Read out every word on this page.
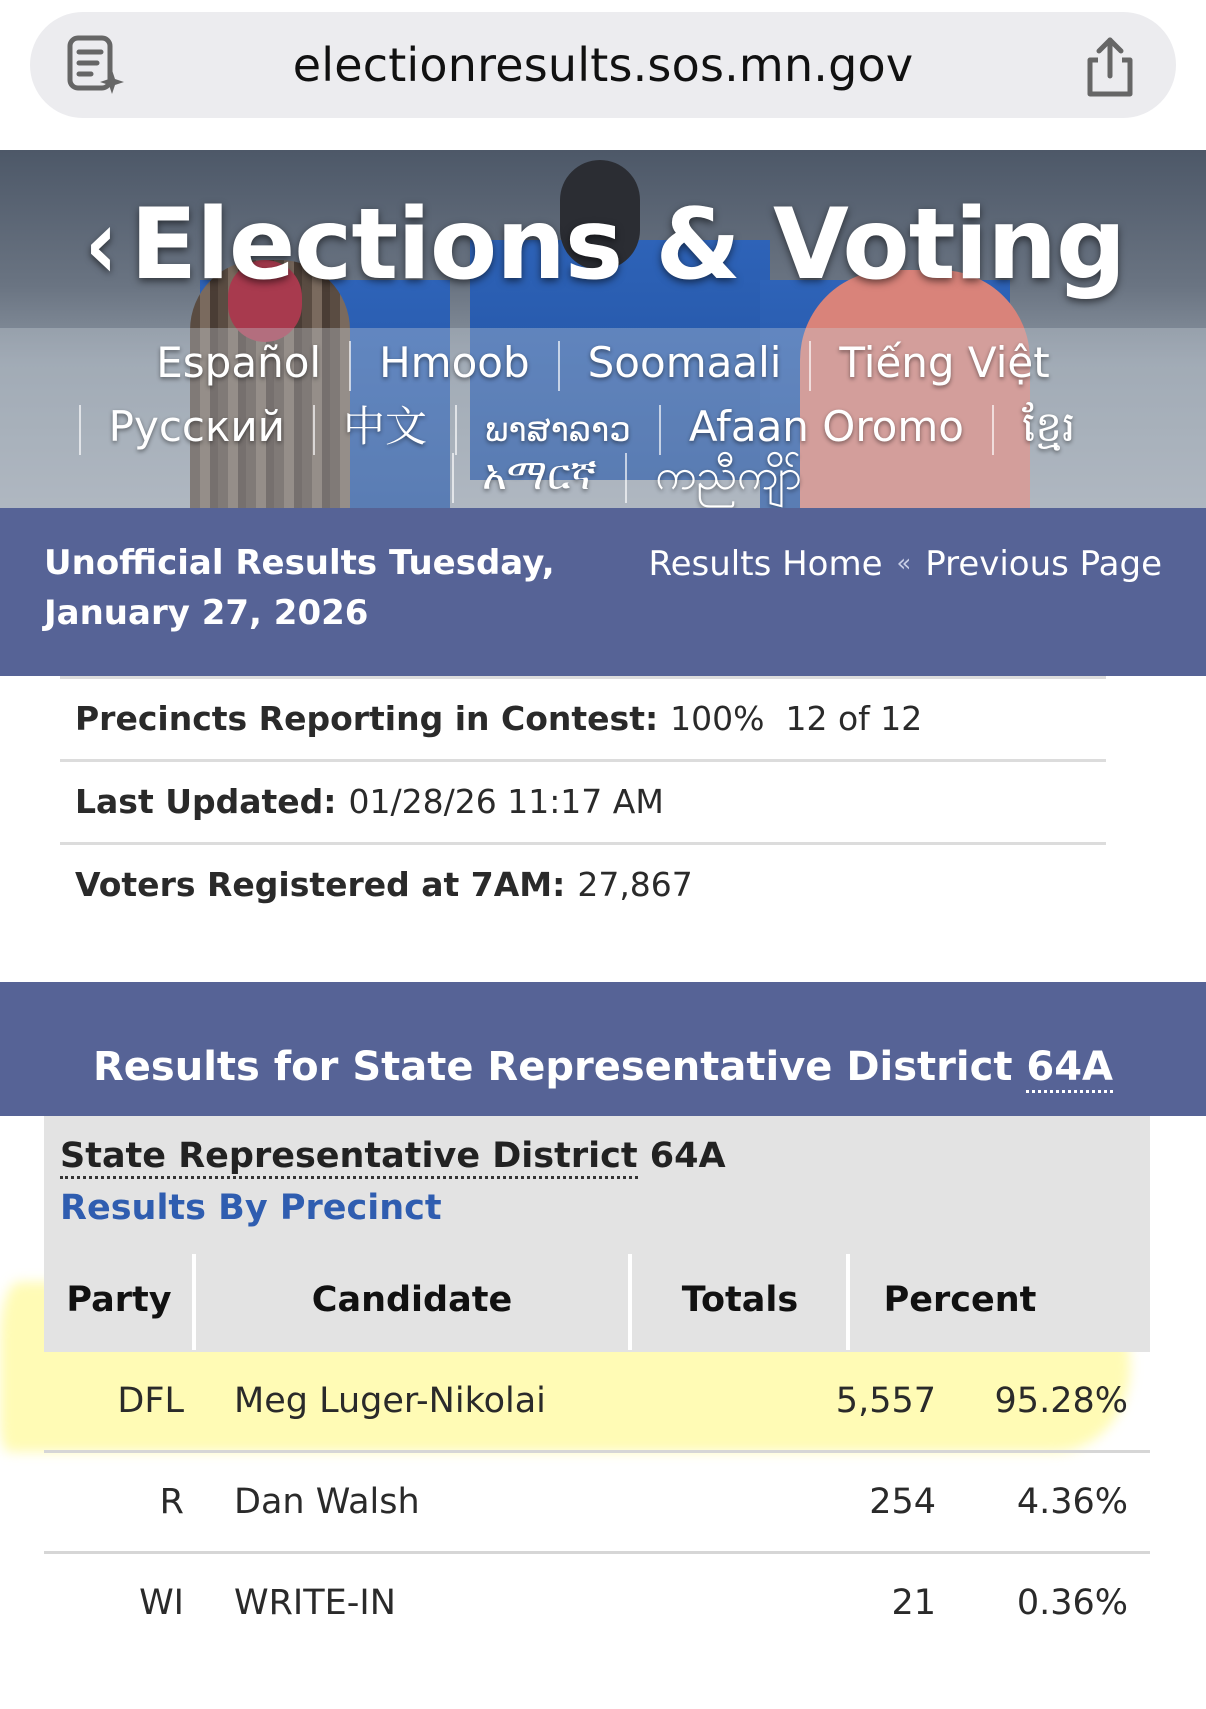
electionresults.sos.mn.gov
‹ Elections & Voting
Español Hmoob Soomaali Tiếng Việt
Русский 中文 ພາສາລາວ Afaan Oromo ខ្មែរ
አማርኛ ကညီကျိာ်
Unofficial Results Tuesday, January 27, 2026
Results Home « Previous Page
Precincts Reporting in Contest: 100%  12 of 12
Last Updated: 01/28/26 11:17 AM
Voters Registered at 7AM: 27,867
Results for State Representative District 64A
State Representative District 64A
Results By Precinct
Party	Candidate	Totals	Percent
DFL Meg Luger-Nikolai	5,557	95.28%
R Dan Walsh	254	4.36%
WI WRITE-IN	21	0.36%
